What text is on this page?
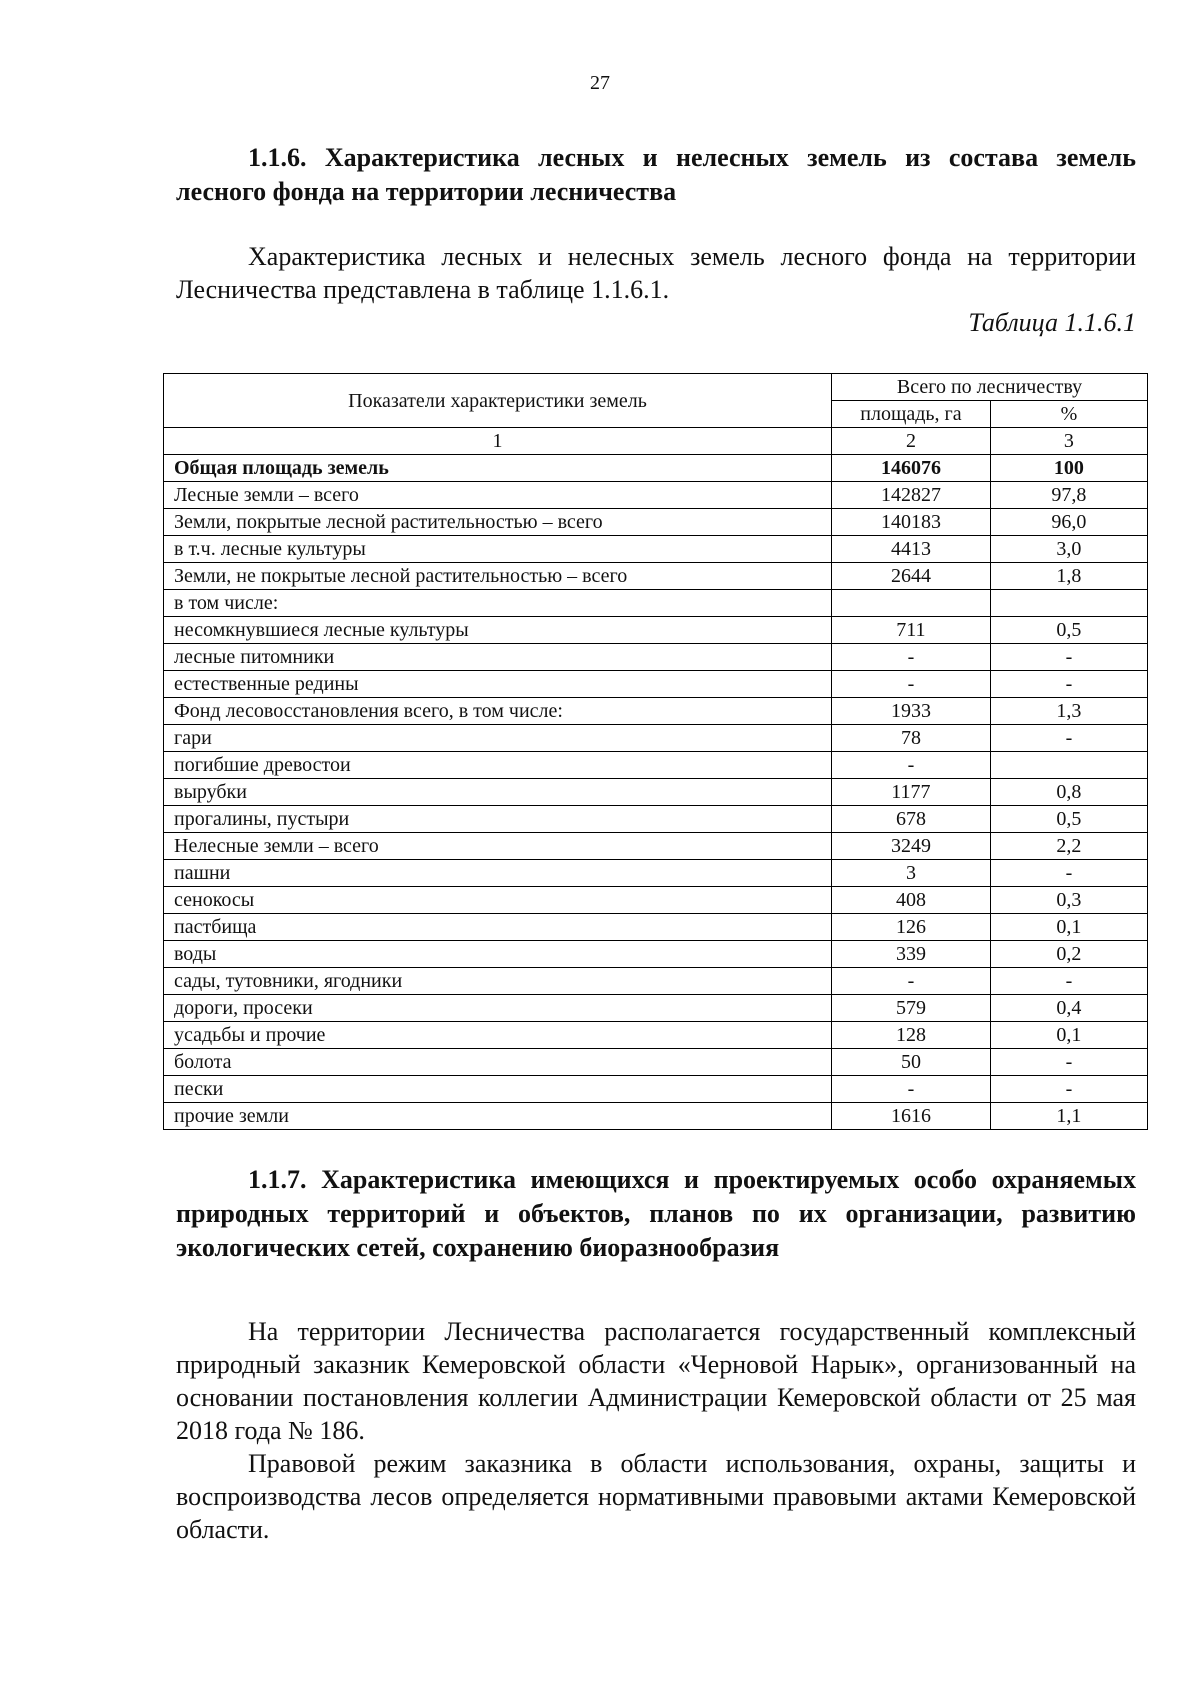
27
1.1.6. Характеристика лесных и нелесных земель из состава земель лесного фонда на территории лесничества
Характеристика лесных и нелесных земель лесного фонда на территории Лесничества представлена в таблице 1.1.6.1.
Таблица 1.1.6.1
Показатели характеристики земель	Всего по лесничеству	
	площадь, га	%
1	2	3
Общая площадь земель	146076	100
Лесные земли – всего	142827	97,8
Земли, покрытые лесной растительностью – всего	140183	96,0
в т.ч. лесные культуры	4413	3,0
Земли, не покрытые лесной растительностью – всего	2644	1,8
в том числе:		
несомкнувшиеся лесные культуры	711	0,5
лесные питомники	-	-
естественные редины	-	-
Фонд лесовосстановления всего, в том числе:	1933	1,3
гари	78	-
погибшие древостои	-	
вырубки	1177	0,8
прогалины, пустыри	678	0,5
Нелесные земли – всего	3249	2,2
пашни	3	-
сенокосы	408	0,3
пастбища	126	0,1
воды	339	0,2
сады, тутовники, ягодники	-	-
дороги, просеки	579	0,4
усадьбы и прочие	128	0,1
болота	50	-
пески	-	-
прочие земли	1616	1,1
1.1.7. Характеристика имеющихся и проектируемых особо охраняемых природных территорий и объектов, планов по их организации, развитию экологических сетей, сохранению биоразнообразия
На территории Лесничества располагается государственный комплексный природный заказник Кемеровской области «Черновой Нарык», организованный на основании постановления коллегии Администрации Кемеровской области от 25 мая 2018 года № 186.
Правовой режим заказника в области использования, охраны, защиты и воспроизводства лесов определяется нормативными правовыми актами Кемеровской области.
